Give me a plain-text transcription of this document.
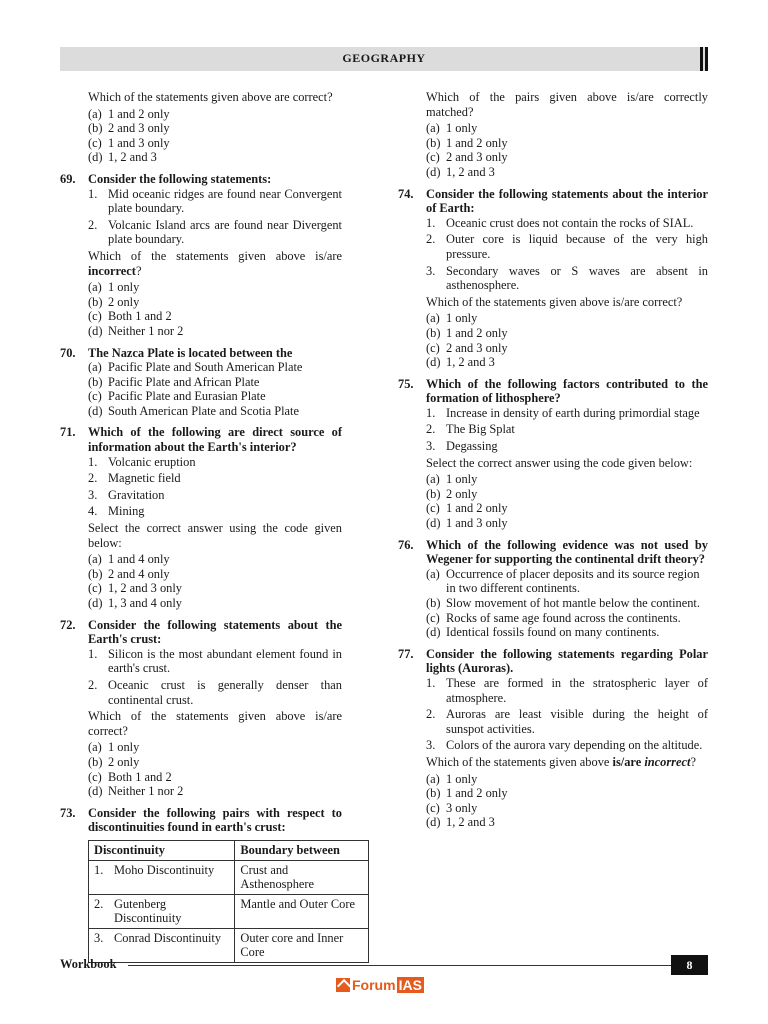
GEOGRAPHY

Which of the statements given above are correct?

(a) 1 and 2 only
(b) 2 and 3 only
(c) 1 and 3 only
(d) 1, 2 and 3
69.	Consider the following statements:
1. Mid oceanic ridges are found near Convergent plate boundary.
2. Volcanic Island arcs are found near Divergent plate boundary.

Which of the statements given above is/are incorrect?

(a) 1 only
(b) 2 only
(c) Both 1 and 2
(d) Neither 1 nor 2
70.	The Nazca Plate is located between the
(a) Pacific Plate and South American Plate
(b) Pacific Plate and African Plate
(c) Pacific Plate and Eurasian Plate
(d) South American Plate and Scotia Plate
71.	Which of the following are direct source of information about the Earth's interior?
1. Volcanic eruption
2. Magnetic field
3. Gravitation
4. Mining

Select the correct answer using the code given below:

(a) 1 and 4 only
(b) 2 and 4 only
(c) 1, 2 and 3 only
(d) 1, 3 and 4 only
72.	Consider the following statements about the Earth's crust:
1. Silicon is the most abundant element found in earth's crust.
2. Oceanic crust is generally denser than continental crust.

Which of the statements given above is/are correct?

(a) 1 only
(b) 2 only
(c) Both 1 and 2
(d) Neither 1 nor 2
73.	Consider the following pairs with respect to discontinuities found in earth's crust:
Discontinuity	Boundary between

1. Moho Discontinuity	Crust and Asthenosphere

2. Gutenberg Discontinuity	Mantle and Outer Core

3. Conrad Discontinuity	Outer core and Inner Core

Which of the pairs given above is/are correctly matched?

(a) 1 only
(b) 1 and 2 only
(c) 2 and 3 only
(d) 1, 2 and 3
74.	Consider the following statements about the interior of Earth:
1. Oceanic crust does not contain the rocks of SIAL.
2. Outer core is liquid because of the very high pressure.
3. Secondary waves or S waves are absent in asthenosphere.

Which of the statements given above is/are correct?

(a) 1 only
(b) 1 and 2 only
(c) 2 and 3 only
(d) 1, 2 and 3
75.	Which of the following factors contributed to the formation of lithosphere?
1. Increase in density of earth during primordial stage
2. The Big Splat
3. Degassing

Select the correct answer using the code given below:

(a) 1 only
(b) 2 only
(c) 1 and 2 only
(d) 1 and 3 only
76.	Which of the following evidence was not used by Wegener for supporting the continental drift theory?
(a) Occurrence of placer deposits and its source region in two different continents.
(b) Slow movement of hot mantle below the continent.
(c) Rocks of same age found across the continents.
(d) Identical fossils found on many continents.
77.	Consider the following statements regarding Polar lights (Auroras).
1. These are formed in the stratospheric layer of atmosphere.
2. Auroras are least visible during the height of sunspot activities.
3. Colors of the aurora vary depending on the altitude.

Which of the statements given above is/are incorrect?

(a) 1 only
(b) 1 and 2 only
(c) 3 only
(d) 1, 2 and 3
Workbook	8
Forum IAS
